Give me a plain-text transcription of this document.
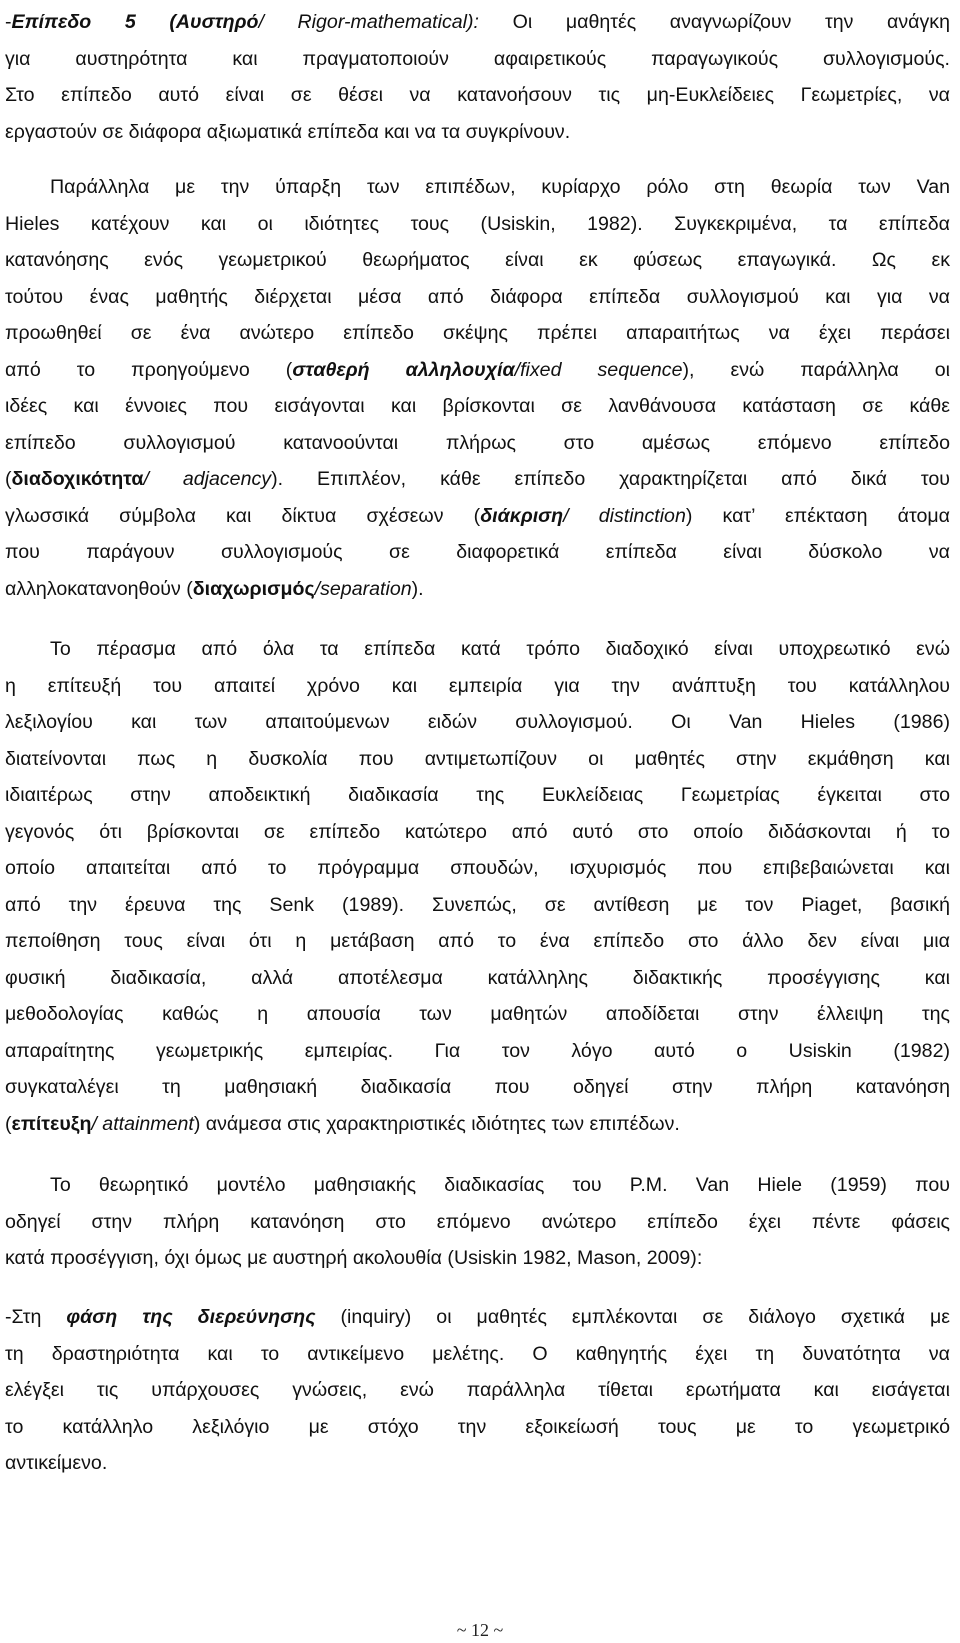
-Επίπεδο 5 (Αυστηρό/ Rigor-mathematical): Οι μαθητές αναγνωρίζουν την ανάγκη
για αυστηρότητα και πραγματοποιούν αφαιρετικούς παραγωγικούς συλλογισμούς.
Στο επίπεδο αυτό είναι σε θέσει να κατανοήσουν τις μη-Ευκλείδειες Γεωμετρίες, να
εργαστούν σε διάφορα αξιωματικά επίπεδα και να τα συγκρίνουν.
Παράλληλα με την ύπαρξη των επιπέδων, κυρίαρχο ρόλο στη θεωρία των Van
Hieles κατέχουν και οι ιδιότητες τους (Usiskin, 1982). Συγκεκριμένα, τα επίπεδα
κατανόησης ενός γεωμετρικού θεωρήματος είναι εκ φύσεως επαγωγικά. Ως εκ
τούτου ένας μαθητής διέρχεται μέσα από διάφορα επίπεδα συλλογισμού και για να
προωθηθεί σε ένα ανώτερο επίπεδο σκέψης πρέπει απαραιτήτως να έχει περάσει
από το προηγούμενο (σταθερή αλληλουχία/fixed sequence), ενώ παράλληλα οι
ιδέες και έννοιες που εισάγονται και βρίσκονται σε λανθάνουσα κατάσταση σε κάθε
επίπεδο συλλογισμού κατανοούνται πλήρως στο αμέσως επόμενο επίπεδο
(διαδοχικότητα/ adjacency). Επιπλέον, κάθε επίπεδο χαρακτηρίζεται από δικά του
γλωσσικά σύμβολα και δίκτυα σχέσεων (διάκριση/ distinction) κατ’ επέκταση άτομα
που παράγουν συλλογισμούς σε διαφορετικά επίπεδα είναι δύσκολο να
αλληλοκατανοηθούν (διαχωρισμός/separation).
Το πέρασμα από όλα τα επίπεδα κατά τρόπο διαδοχικό είναι υποχρεωτικό ενώ
η επίτευξή του απαιτεί χρόνο και εμπειρία για την ανάπτυξη του κατάλληλου
λεξιλογίου και των απαιτούμενων ειδών συλλογισμού. Οι Van Hieles (1986)
διατείνονται πως η δυσκολία που αντιμετωπίζουν οι μαθητές στην εκμάθηση και
ιδιαιτέρως στην αποδεικτική διαδικασία της Ευκλείδειας Γεωμετρίας έγκειται στο
γεγονός ότι βρίσκονται σε επίπεδο κατώτερο από αυτό στο οποίο διδάσκονται ή το
οποίο απαιτείται από το πρόγραμμα σπουδών, ισχυρισμός που επιβεβαιώνεται και
από την έρευνα της Senk (1989). Συνεπώς, σε αντίθεση με τον Piaget, βασική
πεποίθηση τους είναι ότι η μετάβαση από το ένα επίπεδο στο άλλο δεν είναι μια
φυσική διαδικασία, αλλά αποτέλεσμα κατάλληλης διδακτικής προσέγγισης και
μεθοδολογίας καθώς η απουσία των μαθητών αποδίδεται στην έλλειψη της
απαραίτητης γεωμετρικής εμπειρίας. Για τον λόγο αυτό ο Usiskin (1982)
συγκαταλέγει τη μαθησιακή διαδικασία που οδηγεί στην πλήρη κατανόηση
(επίτευξη/ attainment) ανάμεσα στις χαρακτηριστικές ιδιότητες των επιπέδων.
Το θεωρητικό μοντέλο μαθησιακής διαδικασίας του P.M. Van Hiele (1959) που
οδηγεί στην πλήρη κατανόηση στο επόμενο ανώτερο επίπεδο έχει πέντε φάσεις
κατά προσέγγιση, όχι όμως με αυστηρή ακολουθία (Usiskin 1982, Mason, 2009):
-Στη φάση της διερεύνησης (inquiry) οι μαθητές εμπλέκονται σε διάλογο σχετικά με
τη δραστηριότητα και το αντικείμενο μελέτης. Ο καθηγητής έχει τη δυνατότητα να
ελέγξει τις υπάρχουσες γνώσεις, ενώ παράλληλα τίθεται ερωτήματα και εισάγεται
το κατάλληλο λεξιλόγιο με στόχο την εξοικείωσή τους με το γεωμετρικό
αντικείμενο.
~ 12 ~
